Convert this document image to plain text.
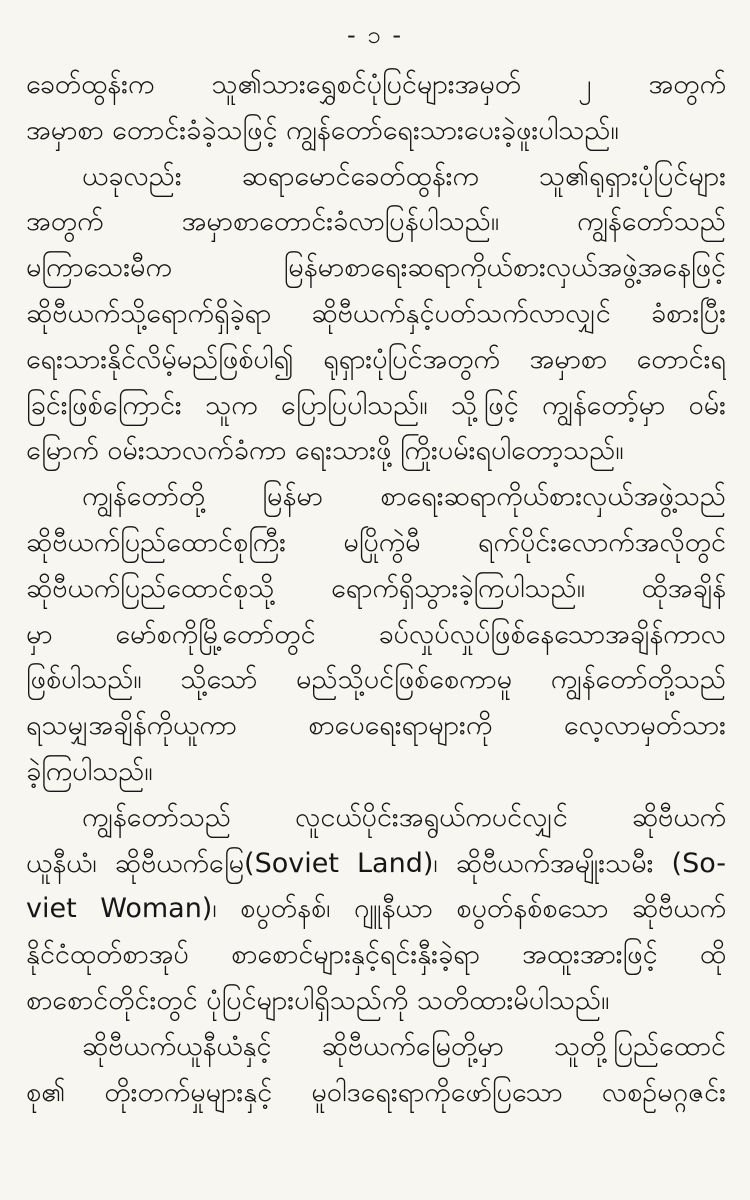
- ၁ -
ခေတ်ထွန်းက သူ၏သားရွှေစင်ပုံပြင်များအမှတ် ၂ အတွက်
အမှာစာ တောင်းခံခဲ့သဖြင့် ကျွန်တော်ရေးသားပေးခဲ့ဖူးပါသည်။
ယခုလည်း ဆရာမောင်ခေတ်ထွန်းက သူ၏ရုရှားပုံပြင်များ
အတွက် အမှာစာတောင်းခံလာပြန်ပါသည်။ ကျွန်တော်သည်
မကြာသေးမီက မြန်မာစာရေးဆရာကိုယ်စားလှယ်အဖွဲ့အနေဖြင့်
ဆိုဗီယက်သို့ရောက်ရှိခဲ့ရာ ဆိုဗီယက်နှင့်ပတ်သက်လာလျှင် ခံစားပြီး
ရေးသားနိုင်လိမ့်မည်ဖြစ်ပါ၍ ရုရှားပုံပြင်အတွက် အမှာစာ တောင်းရ
ခြင်းဖြစ်ကြောင်း သူက ပြောပြပါသည်။ သို့ဖြင့် ကျွန်တော့်မှာ ဝမ်း
မြောက် ဝမ်းသာလက်ခံကာ ရေးသားဖို့ ကြိုးပမ်းရပါတော့သည်။
ကျွန်တော်တို့ မြန်မာ စာရေးဆရာကိုယ်စားလှယ်အဖွဲ့သည်
ဆိုဗီယက်ပြည်ထောင်စုကြီး မပြိုကွဲမီ ရက်ပိုင်းလောက်အလိုတွင်
ဆိုဗီယက်ပြည်ထောင်စုသို့ ရောက်ရှိသွားခဲ့ကြပါသည်။ ထိုအချိန်
မှာ မော်စကိုမြို့တော်တွင် ခပ်လှုပ်လှုပ်ဖြစ်နေသောအချိန်ကာလ
ဖြစ်ပါသည်။ သို့သော် မည်သို့ပင်ဖြစ်စေကာမူ ကျွန်တော်တို့သည်
ရသမျှအချိန်ကိုယူကာ စာပေရေးရာများကို လေ့လာမှတ်သား
ခဲ့ကြပါသည်။
ကျွန်တော်သည် လူငယ်ပိုင်းအရွယ်ကပင်လျှင် ဆိုဗီယက်
ယူနီယံ၊ ဆိုဗီယက်မြေ(Soviet Land)၊ ဆိုဗီယက်အမျိုးသမီး (So-
viet Woman)၊ စပွတ်နစ်၊ ဂျူနီယာ စပွတ်နစ်စသော ဆိုဗီယက်
နိုင်ငံထုတ်စာအုပ် စာစောင်များနှင့်ရင်းနှီးခဲ့ရာ အထူးအားဖြင့် ထို
စာစောင်တိုင်းတွင် ပုံပြင်များပါရှိသည်ကို သတိထားမိပါသည်။
ဆိုဗီယက်ယူနီယံနှင့် ဆိုဗီယက်မြေတို့မှာ သူတို့ပြည်ထောင်
စု၏ တိုးတက်မှုများနှင့် မူဝါဒရေးရာကိုဖော်ပြသော လစဉ်မဂ္ဂဇင်း
